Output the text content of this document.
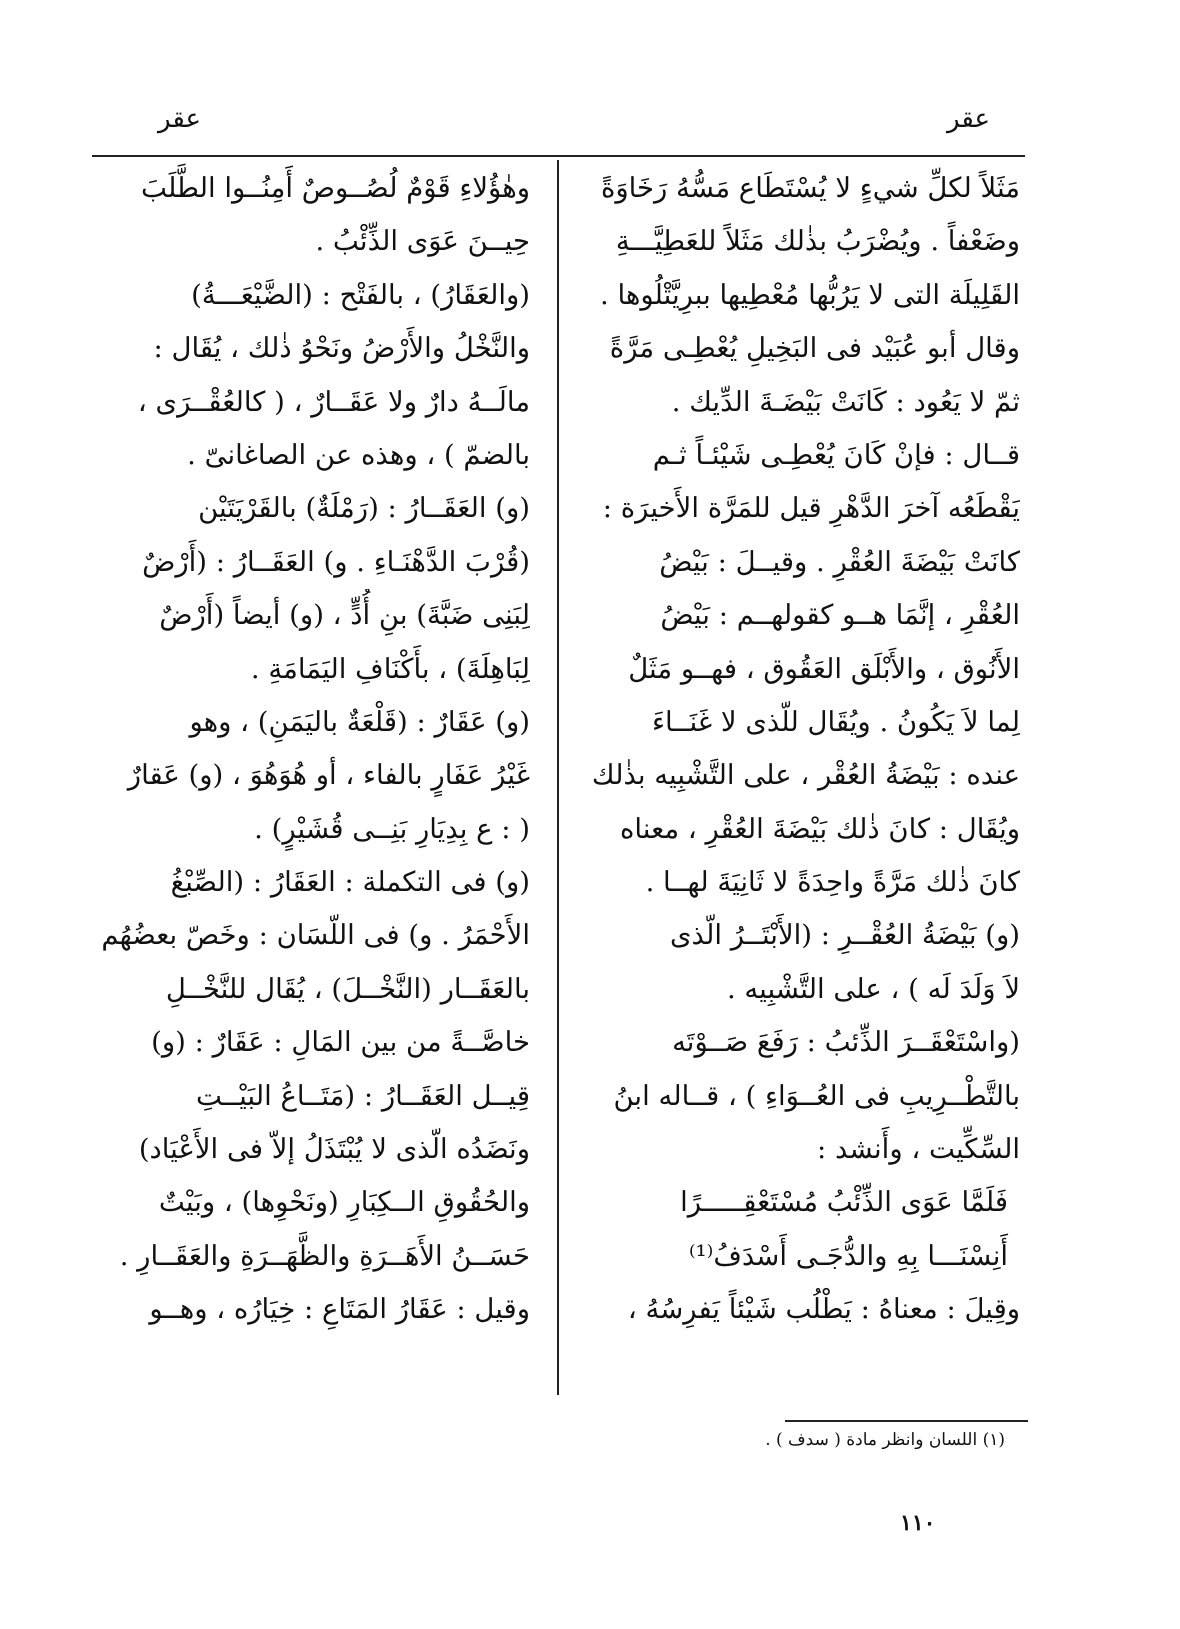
عقر
عقر
مَثَلاً لكلِّ شيءٍ لا يُسْتَطَاع مَسُّهُ رَخَاوَةً
وضَعْفاً . ويُضْرَبُ بذٰلك مَثَلاً للعَطِيَّـــةِ
القَلِيلَة التى لا يَرُبُّها مُعْطِيها ببرِيَّتْلُوها .
وقال أبو عُبَيْد فى البَخِيلِ يُعْطِـى مَرَّةً
ثمّ لا يَعُود : كَانَتْ بَيْضَـةَ الدِّيك .
قــال : فإنْ كَانَ يُعْطِـى شَيْئـاً ثـم
يَقْطَعُه آخرَ الدَّهْرِ قيل للمَرَّة الأَخيرَة :
كانَتْ بَيْضَةَ العُقْرِ . وقيــلَ : بَيْضُ
العُقْرِ ، إنَّمَا هــو كقولهــم : بَيْضُ
الأَنُوق ، والأَبْلَق العَقُوق ، فهــو مَثَلٌ
لِما لاَ يَكُونُ . ويُقَال للّذى لا غَنَــاءَ
عنده : بَيْضَةُ العُقْر ، على التَّشْبِيه بذٰلك
ويُقَال : كانَ ذٰلك بَيْضَةَ العُقْرِ ، معناه
كانَ ذٰلك مَرَّةً واحِدَةً لا ثَانِيَةَ لهــا .
(و) بَيْضَةُ العُقْــرِ : (الأَبْتَــرُ الّذى
لاَ وَلَدَ لَه ) ، على التَّشْبِيه .
(واسْتَعْقَــرَ الذِّئبُ : رَفَعَ صَــوْتَه
بالتَّطْــرِيبِ فى العُــوَاءِ ) ، قــاله ابنُ
السِّكِّيت ، وأَنشد :
فَلَمَّا عَوَى الذِّئْبُ مُسْتَعْقِـــــرًا
أَنِسْنَـــا بِهِ والدُّجَـى أَسْدَفُ⁽¹⁾
وقِيلَ : معناهُ : يَطْلُب شَيْئاً يَفرِسُهُ ،
وهٰؤُلاءِ قَوْمٌ لُصُــوصٌ أَمِنُــوا الطَّلَبَ
حِيــنَ عَوَى الذِّئْبُ .
(والعَقَارُ) ، بالفَتْح : (الضَّيْعَـــةُ)
والنَّخْلُ والأَرْضُ ونَحْوُ ذٰلك ، يُقَال :
مالَــهُ دارٌ ولا عَقَــارٌ ، ( كالعُقْــرَى ،
بالضمّ ) ، وهذه عن الصاغانىّ .
(و) العَقَــارُ : (رَمْلَةٌ) بالقَرْيَتَيْن
(قُرْبَ الدَّهْنَـاءِ . و) العَقَــارُ : (أَرْضٌ
لِبَنِى ضَبَّةَ) بنِ أُدٍّ ، (و) أيضاً (أَرْضٌ
لِبَاهِلَةَ) ، بأَكْنَافِ اليَمَامَةِ .
(و) عَقَارٌ : (قَلْعَةٌ باليَمَنِ) ، وهو
غَيْرُ عَفَارٍ بالفاء ، أو هُوَهُوَ ، (و) عَقارٌ
( : ع بِدِيَارِ بَنِــى قُشَيْرٍ) .
(و) فى التكملة : العَقَارُ : (الصِّبْغُ
الأَحْمَرُ . و) فى اللّسَان : وخَصّ بعضُهُم
بالعَقَــار (النَّخْــلَ) ، يُقَال للنَّخْــلِ
خاصَّــةً من بين المَالِ : عَقَارٌ : (و)
قِيــل العَقَــارُ : (مَتَــاعُ البَيْــتِ
ونَضَدُه الّذى لا يُبْتَذَلُ إلاّ فى الأَعْيَاد)
والحُقُوقِ الــكِبَارِ (ونَحْوِها) ، وبَيْتٌ
حَسَــنُ الأَهَــرَةِ والظَّهَــرَةِ والعَقَــارِ .
وقيل : عَقَارُ المَتَاعِ : خِيَارُه ، وهــو
(١) اللسان وانظر مادة ( سدف ) .
١١٠
